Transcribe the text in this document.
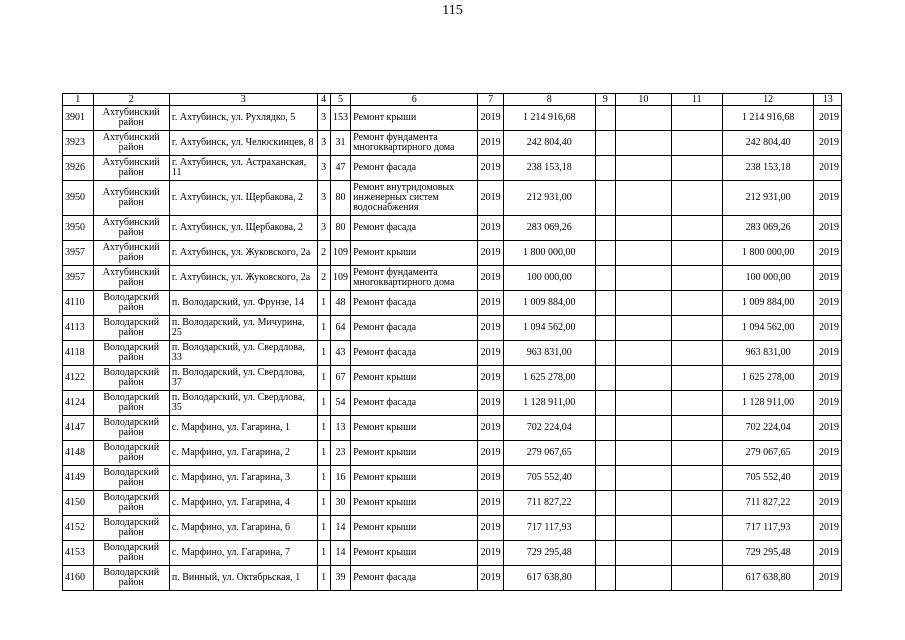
115
1	2	3	4	5	6	7	8	9	10	11	12	13
3901	Ахтубинский район	г. Ахтубинск, ул. Рухлядко, 5	3	153	Ремонт крыши	2019	1 214 916,68				1 214 916,68	2019
3923	Ахтубинский район	г. Ахтубинск, ул. Челюскинцев, 8	3	31	Ремонт фундамента многоквартирного дома	2019	242 804,40				242 804,40	2019
3926	Ахтубинский район	г. Ахтубинск, ул. Астраханская, 11	3	47	Ремонт фасада	2019	238 153,18				238 153,18	2019
3950	Ахтубинский район	г. Ахтубинск, ул. Щербакова, 2	3	80	Ремонт внутридомовых инженерных систем водоснабжения	2019	212 931,00				212 931,00	2019
3950	Ахтубинский район	г. Ахтубинск, ул. Щербакова, 2	3	80	Ремонт фасада	2019	283 069,26				283 069,26	2019
3957	Ахтубинский район	г. Ахтубинск, ул. Жуковского, 2а	2	109	Ремонт крыши	2019	1 800 000,00				1 800 000,00	2019
3957	Ахтубинский район	г. Ахтубинск, ул. Жуковского, 2а	2	109	Ремонт фундамента многоквартирного дома	2019	100 000,00				100 000,00	2019
4110	Володарский район	п. Володарский, ул. Фрунзе, 14	1	48	Ремонт фасада	2019	1 009 884,00				1 009 884,00	2019
4113	Володарский район	п. Володарский, ул. Мичурина, 25	1	64	Ремонт фасада	2019	1 094 562,00				1 094 562,00	2019
4118	Володарский район	п. Володарский, ул. Свердлова, 33	1	43	Ремонт фасада	2019	963 831,00				963 831,00	2019
4122	Володарский район	п. Володарский, ул. Свердлова, 37	1	67	Ремонт крыши	2019	1 625 278,00				1 625 278,00	2019
4124	Володарский район	п. Володарский, ул. Свердлова, 35	1	54	Ремонт фасада	2019	1 128 911,00				1 128 911,00	2019
4147	Володарский район	с. Марфино, ул. Гагарина, 1	1	13	Ремонт крыши	2019	702 224,04				702 224,04	2019
4148	Володарский район	с. Марфино, ул. Гагарина, 2	1	23	Ремонт крыши	2019	279 067,65				279 067,65	2019
4149	Володарский район	с. Марфино, ул. Гагарина, 3	1	16	Ремонт крыши	2019	705 552,40				705 552,40	2019
4150	Володарский район	с. Марфино, ул. Гагарина, 4	1	30	Ремонт крыши	2019	711 827,22				711 827,22	2019
4152	Володарский район	с. Марфино, ул. Гагарина, 6	1	14	Ремонт крыши	2019	717 117,93				717 117,93	2019
4153	Володарский район	с. Марфино, ул. Гагарина, 7	1	14	Ремонт крыши	2019	729 295,48				729 295,48	2019
4160	Володарский район	п. Винный, ул. Октябрьская, 1	1	39	Ремонт фасада	2019	617 638,80				617 638,80	2019
